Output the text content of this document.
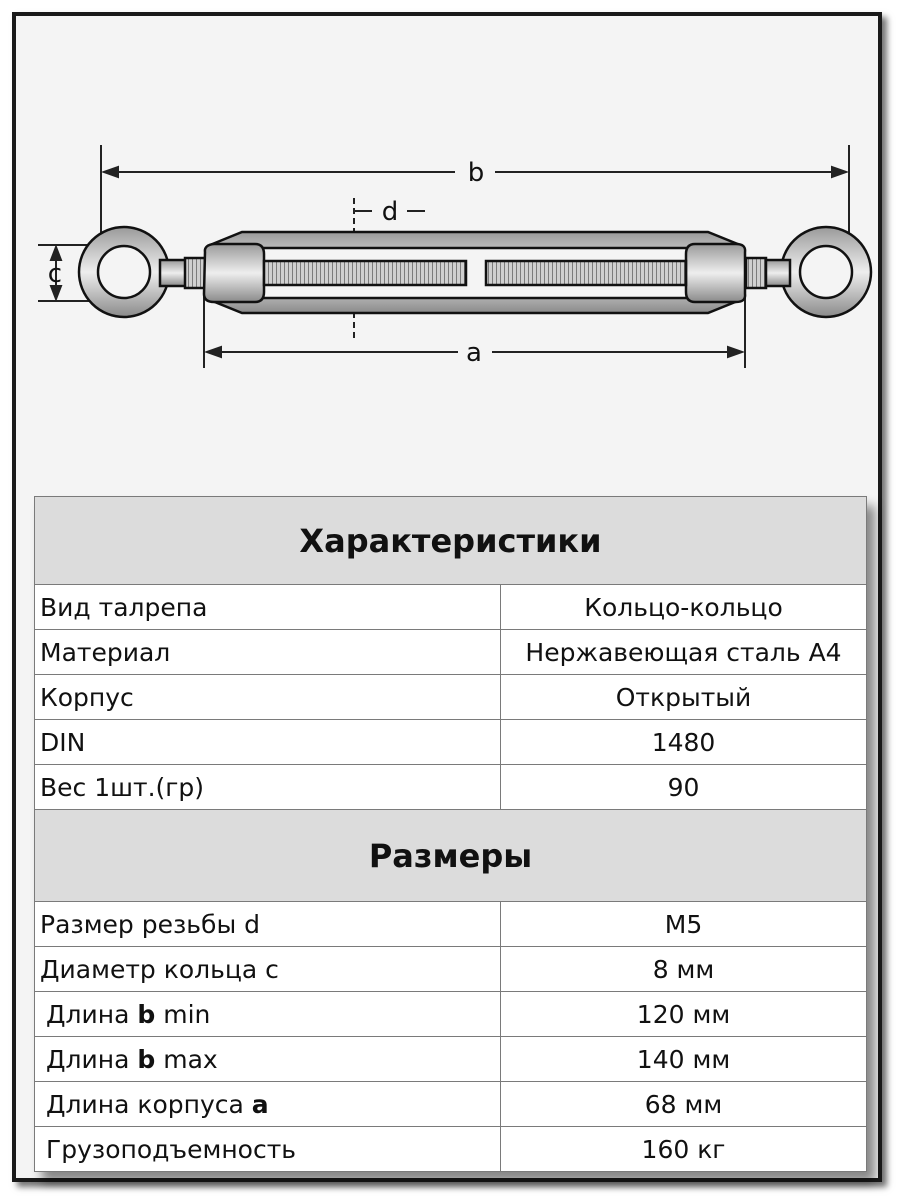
b
d
c
a
Характеристики
Вид талрепа	Кольцо-кольцо
Материал	Нержавеющая сталь А4
Корпус	Открытый
DIN	1480
Вес 1шт.(гр)	90
Размеры
Размер резьбы d	М5
Диаметр кольца c	8 мм
Длина b min	120 мм
Длина b max	140 мм
Длина корпуса a	68 мм
Грузоподъемность	160 кг
